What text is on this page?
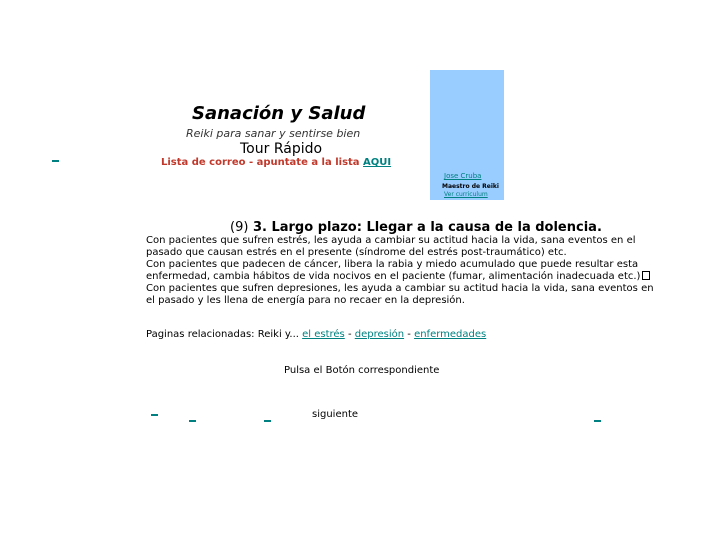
Sanación y Salud
Reiki para sanar y sentirse bien
Tour Rápido
Lista de correo - apuntate a la lista AQUI
Jose Cruba
Maestro de Reiki
Ver curriculum
(9) 3. Largo plazo: Llegar a la causa de la dolencia.

Con pacientes que sufren estrés, les ayuda a cambiar su actitud hacia la vida, sana eventos en el pasado que causan estrés en el presente (síndrome del estrés post-traumático) etc.

Con pacientes que padecen de cáncer, libera la rabia y miedo acumulado que puede resultar esta enfermedad, cambia hábitos de vida nocivos en el paciente (fumar, alimentación inadecuada etc.)

Con pacientes que sufren depresiones, les ayuda a cambiar su actitud hacia la vida, sana eventos en el pasado y les llena de energía para no recaer en la depresión.

Paginas relacionadas: Reiki y... el estrés - depresión - enfermedades
Pulsa el Botón correspondiente
siguiente
